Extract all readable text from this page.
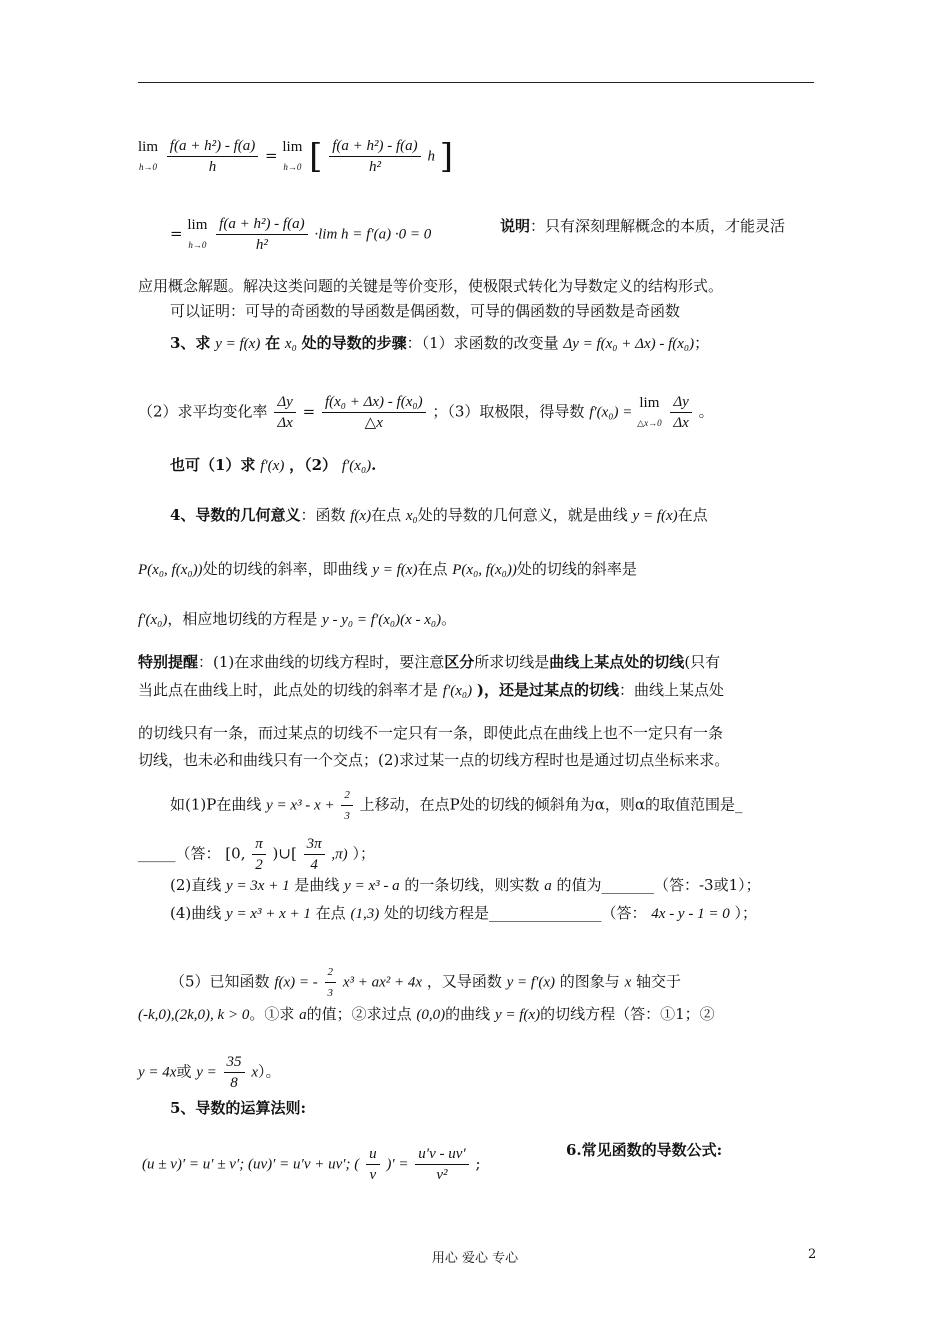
lim
h→0
$\frac{\text{f(a + h²) - f(a)}}{h} = \lim$
h→0 [ $\frac{\text{f(a + h²) - f(a)}}{\text{h²}}$ h ]
= lim
h→0
$\frac{\text{f(a + h²) - f(a)}}{\text{h²}} \cdot\lim$ h = f′(a) ·0 = 0	说明：只有深刻理解概念的本质，才能灵活
应用概念解题。解决这类问题的关键是等价变形，使极限式转化为导数定义的结构形式。
可以证明：可导的奇函数的导函数是偶函数，可导的偶函数的导函数是奇函数
3、求 y = f(x) 在 x₀ 处的导数的步骤：（1）求函数的改变量 Δy = f(x₀ + Δx) - f(x₀)；
（2）求平均变化率 $\frac{\Delta y}{\Delta x} = \frac{\text{f(x₀ + Δx) - f(x₀)}}{\triangle x}$ ；（3）取极限，得导数 f′(x₀) =
lim
△x→0
$\frac{\Delta y}{\Delta x}$ 。
也可（1）求 f′(x) ，（2） f′(x₀).
4、导数的几何意义：函数 f(x)在点 x₀处的导数的几何意义，就是曲线 y = f(x)在点
P(x₀, f(x₀))处的切线的斜率，即曲线 y = f(x)在点 P(x₀, f(x₀))处的切线的斜率是
f′(x₀)，相应地切线的方程是 y - y₀ = f′(x₀)(x - x₀)。
特别提醒：(1)在求曲线的切线方程时，要注意区分所求切线是曲线上某点处的切线(只有
当此点在曲线上时，此点处的切线的斜率才是 f′(x₀) )，还是过某点的切线：曲线上某点处
的切线只有一条，而过某点的切线不一定只有一条，即使此点在曲线上也不一定只有一条
切线，也未必和曲线只有一个交点；(2)求过某一点的切线方程时也是通过切点坐标来求。
如(1)P在曲线 $y = x^3 - x + \frac{2}{3}$ 上移动，在点P处的切线的倾斜角为α，则α的取值范围是_
_____（答： [0, $\frac{\pi}{2}$ )∪[ $\frac{3\pi}{4} ,\pi$) ）；
(2)直线 y = 3x + 1 是曲线 y = x³ - a 的一条切线，则实数 a 的值为_______（答：-3或1）；
(4)曲线 y = x³ + x + 1 在点 (1,3) 处的切线方程是_______________（答： 4x - y - 1 = 0 ）；
（5）已知函数 f(x) = - $\frac{2}{3} x^3 + ax^2 + 4x$ ，又导函数 y = f′(x) 的图象与 x 轴交于
(-k,0),(2k,0), k > 0。①求 a的值；②求过点 (0,0)的曲线 y = f(x)的切线方程（答：①1；②
y = 4x或 $y = \frac{35}{8} x$）。
5、导数的运算法则:
(u ± v)′ = u′ ± v′; (uv)′ = u′v + uv′; ( $\frac{u}{v}$ )′ = $\frac{u'v - uv'}{\text{v²}}$ ;
6.常见函数的导数公式:
用心 爱心 专心	2
